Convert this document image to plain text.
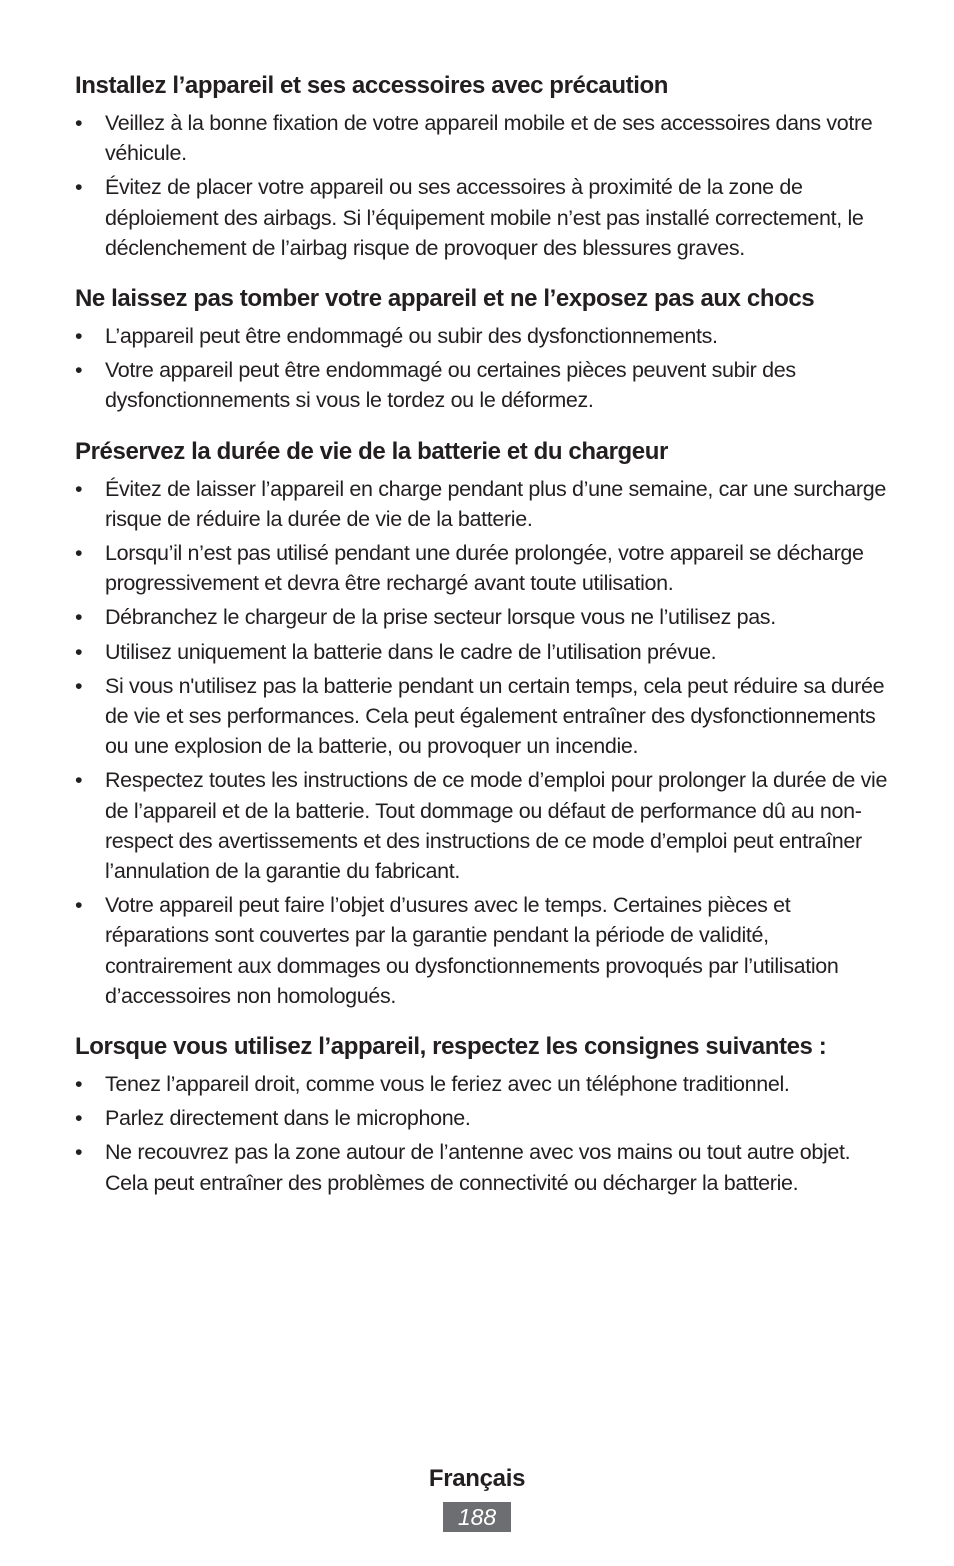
Installez l’appareil et ses accessoires avec précaution
• Veillez à la bonne fixation de votre appareil mobile et de ses accessoires dans votre véhicule.
• Évitez de placer votre appareil ou ses accessoires à proximité de la zone de déploiement des airbags. Si l’équipement mobile n’est pas installé correctement, le déclenchement de l’airbag risque de provoquer des blessures graves.
Ne laissez pas tomber votre appareil et ne l’exposez pas aux chocs
• L’appareil peut être endommagé ou subir des dysfonctionnements.
• Votre appareil peut être endommagé ou certaines pièces peuvent subir des dysfonctionnements si vous le tordez ou le déformez.
Préservez la durée de vie de la batterie et du chargeur
• Évitez de laisser l’appareil en charge pendant plus d’une semaine, car une surcharge risque de réduire la durée de vie de la batterie.
• Lorsqu’il n’est pas utilisé pendant une durée prolongée, votre appareil se décharge progressivement et devra être rechargé avant toute utilisation.
• Débranchez le chargeur de la prise secteur lorsque vous ne l’utilisez pas.
• Utilisez uniquement la batterie dans le cadre de l’utilisation prévue.
• Si vous n'utilisez pas la batterie pendant un certain temps, cela peut réduire sa durée de vie et ses performances. Cela peut également entraîner des dysfonctionnements ou une explosion de la batterie, ou provoquer un incendie.
• Respectez toutes les instructions de ce mode d’emploi pour prolonger la durée de vie de l’appareil et de la batterie. Tout dommage ou défaut de performance dû au non-respect des avertissements et des instructions de ce mode d’emploi peut entraîner l’annulation de la garantie du fabricant.
• Votre appareil peut faire l’objet d’usures avec le temps. Certaines pièces et réparations sont couvertes par la garantie pendant la période de validité, contrairement aux dommages ou dysfonctionnements provoqués par l’utilisation d’accessoires non homologués.
Lorsque vous utilisez l’appareil, respectez les consignes suivantes :
• Tenez l’appareil droit, comme vous le feriez avec un téléphone traditionnel.
• Parlez directement dans le microphone.
• Ne recouvrez pas la zone autour de l’antenne avec vos mains ou tout autre objet. Cela peut entraîner des problèmes de connectivité ou décharger la batterie.
Français
188
